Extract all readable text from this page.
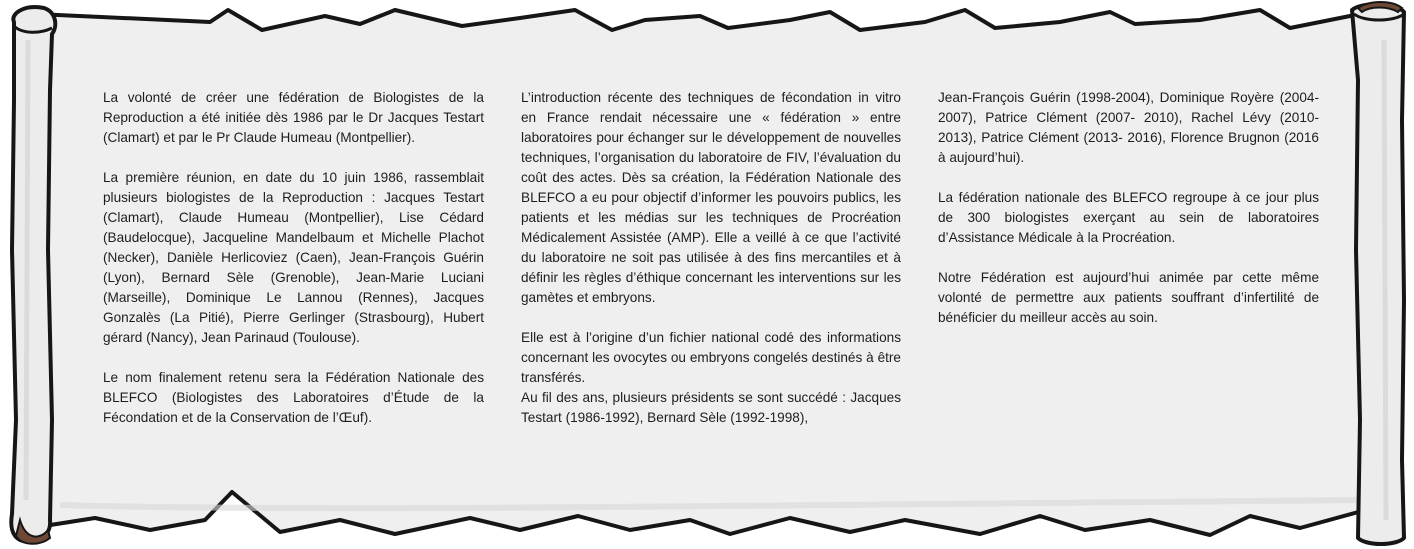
La volonté de créer une fédération de Biologistes de la Reproduction a été initiée dès 1986 par le Dr Jacques Testart (Clamart) et par le Pr Claude Humeau (Montpellier).

La première réunion, en date du 10 juin 1986, rassemblait plusieurs biologistes de la Reproduction : Jacques Testart (Clamart), Claude Humeau (Montpellier), Lise Cédard (Baudelocque), Jacqueline Mandelbaum et Michelle Plachot (Necker), Danièle Herlicoviez (Caen), Jean-François Guérin (Lyon), Bernard Sèle (Grenoble), Jean-Marie Luciani (Marseille), Dominique Le Lannou (Rennes), Jacques Gonzalès (La Pitié), Pierre Gerlinger (Strasbourg), Hubert gérard (Nancy), Jean Parinaud (Toulouse).

Le nom finalement retenu sera la Fédération Nationale des BLEFCO (Biologistes des Laboratoires d’Étude de la Fécondation et de la Conservation de l’Œuf).

L’introduction récente des techniques de fécondation in vitro en France rendait nécessaire une « fédération » entre laboratoires pour échanger sur le développement de nouvelles techniques, l’organisation du laboratoire de FIV, l’évaluation du coût des actes. Dès sa création, la Fédération Nationale des BLEFCO a eu pour objectif d’informer les pouvoirs publics, les patients et les médias sur les techniques de Procréation Médicalement Assistée (AMP). Elle a veillé à ce que l’activité du laboratoire ne soit pas utilisée à des fins mercantiles et à définir les règles d’éthique concernant les interventions sur les gamètes et embryons.

Elle est à l’origine d’un fichier national codé des informations concernant les ovocytes ou embryons congelés destinés à être transférés.

Au fil des ans, plusieurs présidents se sont succédé : Jacques Testart (1986-1992), Bernard Sèle (1992-1998),

Jean-François Guérin (1998-2004), Dominique Royère (2004-2007), Patrice Clément (2007- 2010), Rachel Lévy (2010-2013), Patrice Clément (2013- 2016), Florence Brugnon (2016 à aujourd’hui).

La fédération nationale des BLEFCO regroupe à ce jour plus de 300 biologistes exerçant au sein de laboratoires d’Assistance Médicale à la Procréation.

Notre Fédération est aujourd’hui animée par cette même volonté de permettre aux patients souffrant d’infertilité de bénéficier du meilleur accès au soin.
